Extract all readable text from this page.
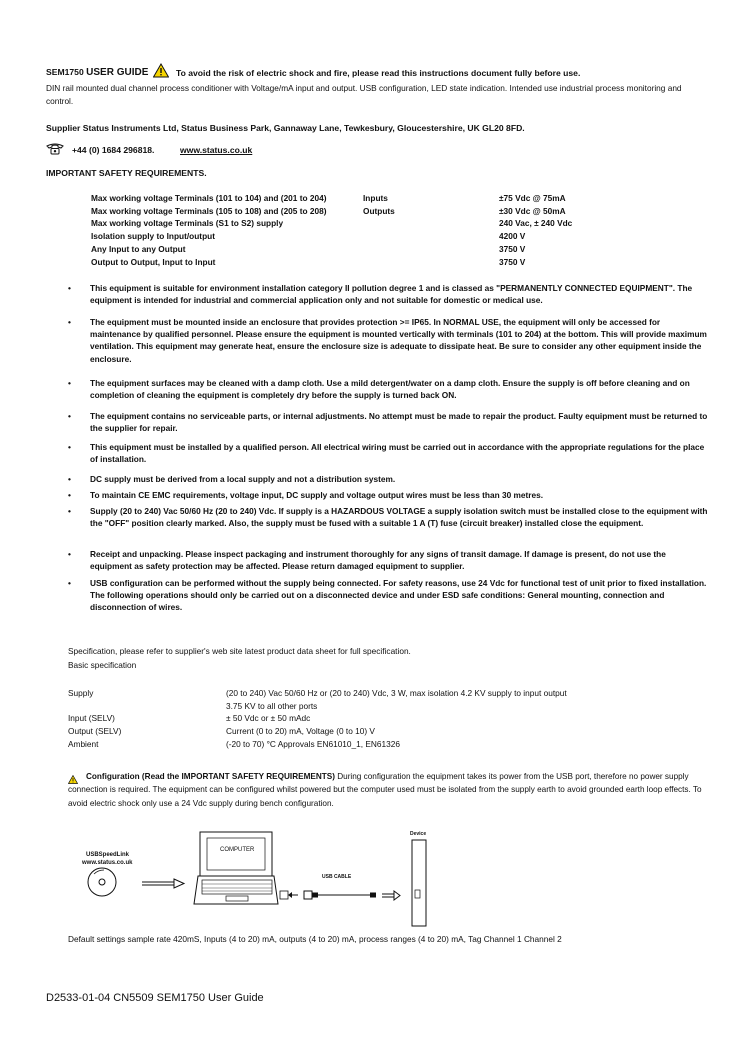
SEM1750 USER GUIDE	To avoid the risk of electric shock and fire, please read this instructions document fully before use.
DIN rail mounted dual channel process conditioner with Voltage/mA input and output. USB configuration, LED state indication. Intended use industrial process monitoring and control.
Supplier Status Instruments Ltd, Status Business Park, Gannaway Lane, Tewkesbury, Gloucestershire, UK GL20 8FD.
+44 (0) 1684 296818.	www.status.co.uk
IMPORTANT SAFETY REQUIREMENTS.
Max working voltage Terminals (101 to 104) and (201 to 204)	Inputs	±75 Vdc @ 75mA
Max working voltage Terminals (105 to 108) and (205 to 208)	Outputs	±30 Vdc @ 50mA
Max working voltage Terminals (S1 to S2) supply		240 Vac, ± 240 Vdc
Isolation supply to Input/output		4200 V
Any Input to any Output		3750 V
Output to Output, Input to Input		3750 V
•	This equipment is suitable for environment installation category II pollution degree 1 and is classed as "PERMANENTLY CONNECTED EQUIPMENT". The equipment is intended for industrial and commercial application only and not suitable for domestic or medical use.
•	The equipment must be mounted inside an enclosure that provides protection >= IP65. In NORMAL USE, the equipment will only be accessed for maintenance by qualified personnel. Please ensure the equipment is mounted vertically with terminals (101 to 204) at the bottom. This will provide maximum ventilation. This equipment may generate heat, ensure the enclosure size is adequate to dissipate heat. Be sure to consider any other equipment inside the enclosure.
•	The equipment surfaces may be cleaned with a damp cloth. Use a mild detergent/water on a damp cloth. Ensure the supply is off before cleaning and on completion of cleaning the equipment is completely dry before the supply is turned back ON.
•	The equipment contains no serviceable parts, or internal adjustments. No attempt must be made to repair the product. Faulty equipment must be returned to the supplier for repair.
•	This equipment must be installed by a qualified person. All electrical wiring must be carried out in accordance with the appropriate regulations for the place of installation.
•	DC supply must be derived from a local supply and not a distribution system.
•	To maintain CE EMC requirements, voltage input, DC supply and voltage output wires must be less than 30 metres.
•	Supply (20 to 240) Vac 50/60 Hz (20 to 240) Vdc. If supply is a HAZARDOUS VOLTAGE a supply isolation switch must be installed close to the equipment with the "OFF" position clearly marked. Also, the supply must be fused with a suitable 1 A (T) fuse (circuit breaker) installed close the equipment.
•	Receipt and unpacking. Please inspect packaging and instrument thoroughly for any signs of transit damage. If damage is present, do not use the equipment as safety protection may be affected. Please return damaged equipment to supplier.
•	USB configuration can be performed without the supply being connected. For safety reasons, use 24 Vdc for functional test of unit prior to fixed installation. The following operations should only be carried out on a disconnected device and under ESD safe conditions: General mounting, connection and disconnection of wires.
Specification, please refer to supplier's web site latest product data sheet for full specification.
Basic specification
Supply	(20 to 240) Vac 50/60 Hz or (20 to 240) Vdc, 3 W, max isolation 4.2 KV supply to input output
	3.75 KV to all other ports
Input (SELV)	± 50 Vdc or ± 50 mAdc
Output (SELV)	Current (0 to 20) mA, Voltage (0 to 10) V
Ambient	(-20 to 70) °C Approvals EN61010_1, EN61326
Configuration (Read the IMPORTANT SAFETY REQUIREMENTS) During configuration the equipment takes its power from the USB port, therefore no power supply connection is required. The equipment can be configured whilst powered but the computer used must be isolated from the supply earth to avoid grounded earth loop effects. To avoid electric shock only use a 24 Vdc supply during bench configuration.
USBSpeedLink
www.status.co.uk
COMPUTER
USB CABLE
Device
Default settings sample rate 420mS, Inputs (4 to 20) mA, outputs (4 to 20) mA, process ranges (4 to 20) mA, Tag Channel 1 Channel 2
D2533-01-04 CN5509 SEM1750 User Guide
